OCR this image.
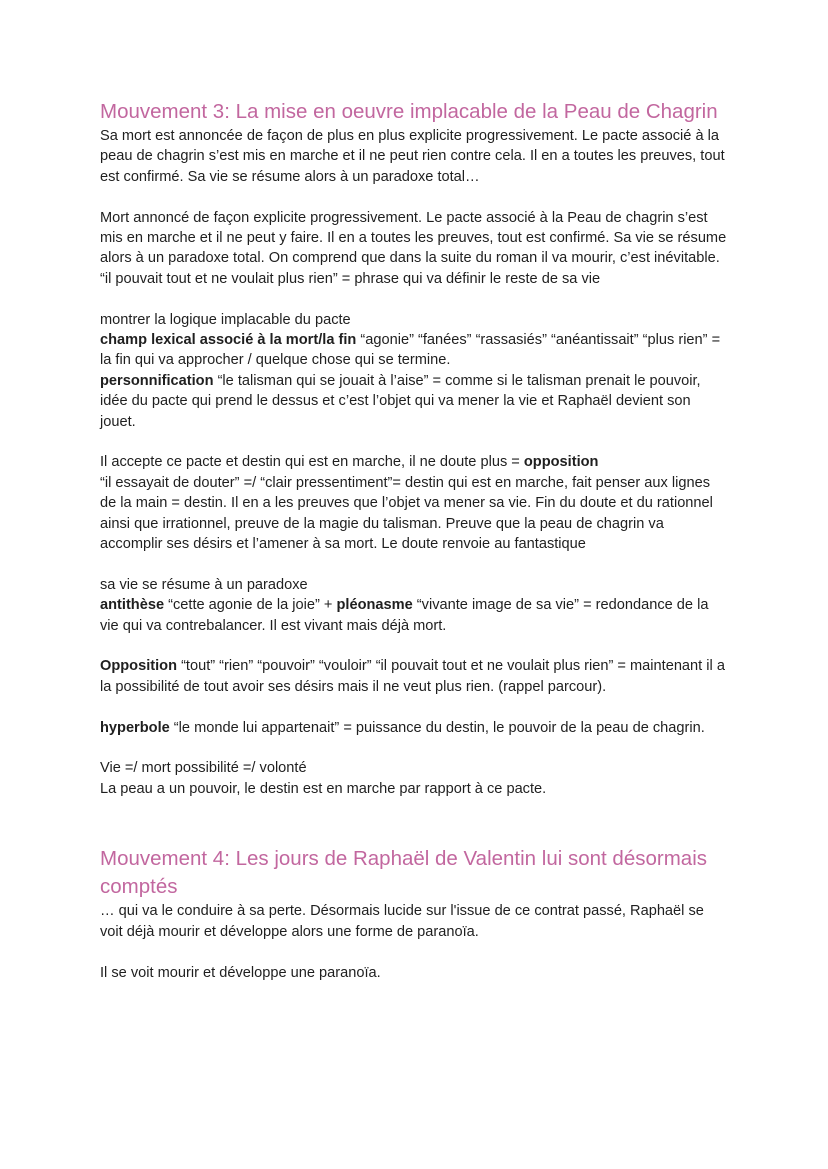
Mouvement 3: La mise en oeuvre implacable de la Peau de Chagrin

Sa mort est annoncée de façon de plus en plus explicite progressivement. Le pacte associé à la peau de chagrin s’est mis en marche et il ne peut rien contre cela. Il en a toutes les preuves, tout est confirmé. Sa vie se résume alors à un paradoxe total…

Mort annoncé de façon explicite progressivement. Le pacte associé à la Peau de chagrin s’est mis en marche et il ne peut y faire. Il en a toutes les preuves, tout est confirmé. Sa vie se résume alors à un paradoxe total. On comprend que dans la suite du roman il va mourir, c’est inévitable.

“il pouvait tout et ne voulait plus rien” = phrase qui va définir le reste de sa vie

montrer la logique implacable du pacte

champ lexical associé à la mort/la fin “agonie” “fanées” “rassasiés” “anéantissait” “plus rien” = la fin qui va approcher / quelque chose qui se termine.

personnification “le talisman qui se jouait à l’aise” = comme si le talisman prenait le pouvoir, idée du pacte qui prend le dessus et c’est l’objet qui va mener la vie et Raphaël devient son jouet.

Il accepte ce pacte et destin qui est en marche, il ne doute plus = opposition

“il essayait de douter” =/ “clair pressentiment”= destin qui est en marche, fait penser aux lignes de la main = destin. Il en a les preuves que l’objet va mener sa vie. Fin du doute et du rationnel ainsi que irrationnel, preuve de la magie du talisman. Preuve que la peau de chagrin va accomplir ses désirs et l’amener à sa mort. Le doute renvoie au fantastique

sa vie se résume à un paradoxe

antithèse “cette agonie de la joie” + pléonasme “vivante image de sa vie” = redondance de la vie qui va contrebalancer. Il est vivant mais déjà mort.

Opposition “tout” “rien” “pouvoir” “vouloir” “il pouvait tout et ne voulait plus rien” = maintenant il a la possibilité de tout avoir ses désirs mais il ne veut plus rien. (rappel parcour).

hyperbole “le monde lui appartenait” = puissance du destin, le pouvoir de la peau de chagrin.

Vie =/ mort possibilité =/ volonté

La peau a un pouvoir, le destin est en marche par rapport à ce pacte.

Mouvement 4: Les jours de Raphaël de Valentin lui sont désormais comptés

… qui va le conduire à sa perte. Désormais lucide sur l'issue de ce contrat passé, Raphaël se voit déjà mourir et développe alors une forme de paranoïa.

Il se voit mourir et développe une paranoïa.
